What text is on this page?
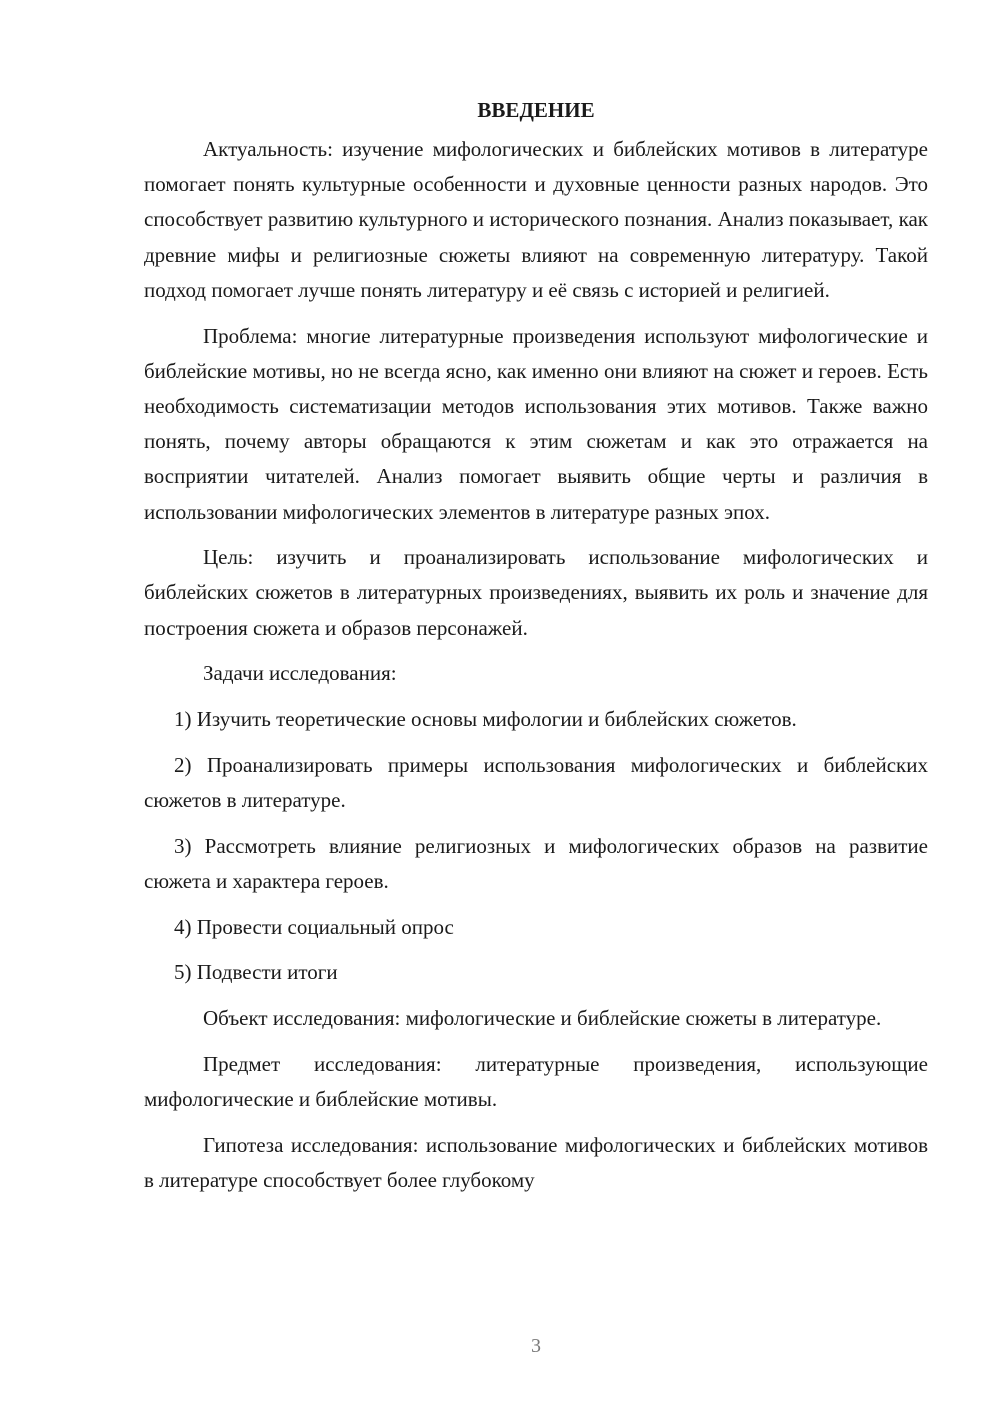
ВВЕДЕНИЕ

Актуальность: изучение мифологических и библейских мотивов в литературе помогает понять культурные особенности и духовные ценности разных народов. Это способствует развитию культурного и исторического познания. Анализ показывает, как древние мифы и религиозные сюжеты влияют на современную литературу. Такой подход помогает лучше понять литературу и её связь с историей и религией.

Проблема: многие литературные произведения используют мифологические и библейские мотивы, но не всегда ясно, как именно они влияют на сюжет и героев. Есть необходимость систематизации методов использования этих мотивов. Также важно понять, почему авторы обращаются к этим сюжетам и как это отражается на восприятии читателей. Анализ помогает выявить общие черты и различия в использовании мифологических элементов в литературе разных эпох.

Цель: изучить и проанализировать использование мифологических и библейских сюжетов в литературных произведениях, выявить их роль и значение для построения сюжета и образов персонажей.

Задачи исследования:

1) Изучить теоретические основы мифологии и библейских сюжетов.

2) Проанализировать примеры использования мифологических и библейских сюжетов в литературе.

3) Рассмотреть влияние религиозных и мифологических образов на развитие сюжета и характера героев.

4) Провести социальный опрос

5) Подвести итоги

Объект исследования: мифологические и библейские сюжеты в литературе.

Предмет исследования: литературные произведения, использующие мифологические и библейские мотивы.

Гипотеза исследования: использование мифологических и библейских мотивов в литературе способствует более глубокому

3
